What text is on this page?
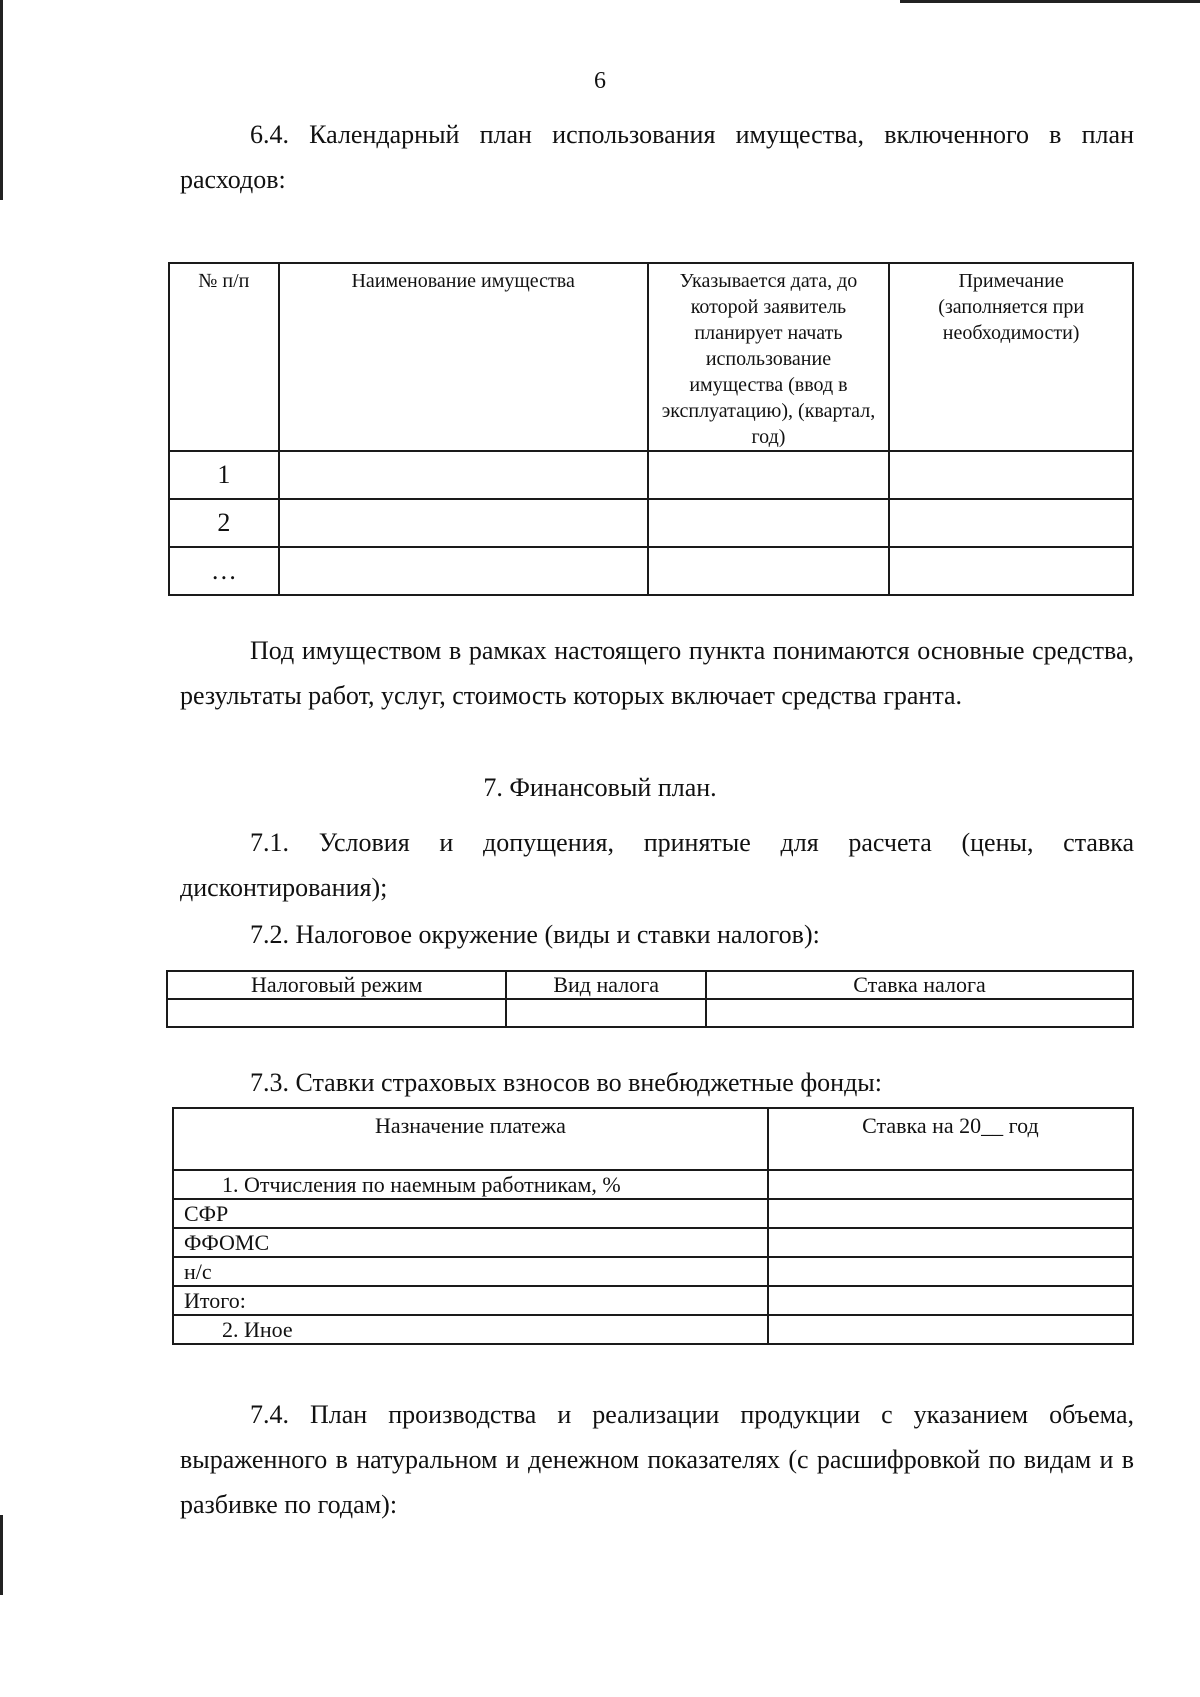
6
6.4. Календарный план использования имущества, включенного в план расходов:
№ п/п	Наименование имущества	Указывается дата, до которой заявитель планирует начать использование имущества (ввод в эксплуатацию), (квартал, год)	Примечание (заполняется при необходимости)
1			
2			
…			
Под имуществом в рамках настоящего пункта понимаются основные средства, результаты работ, услуг, стоимость которых включает средства гранта.
7. Финансовый план.
7.1. Условия и допущения, принятые для расчета (цены, ставка дисконтирования);
7.2. Налоговое окружение (виды и ставки налогов):
Налоговый режим	Вид налога	Ставка налога

7.3. Ставки страховых взносов во внебюджетные фонды:
Назначение платежа	Ставка на 20__ год
1. Отчисления по наемным работникам, %	
СФР	
ФФОМС	
н/с	
Итого:	
2. Иное	
7.4. План производства и реализации продукции с указанием объема, выраженного в натуральном и денежном показателях (с расшифровкой по видам и в разбивке по годам):
